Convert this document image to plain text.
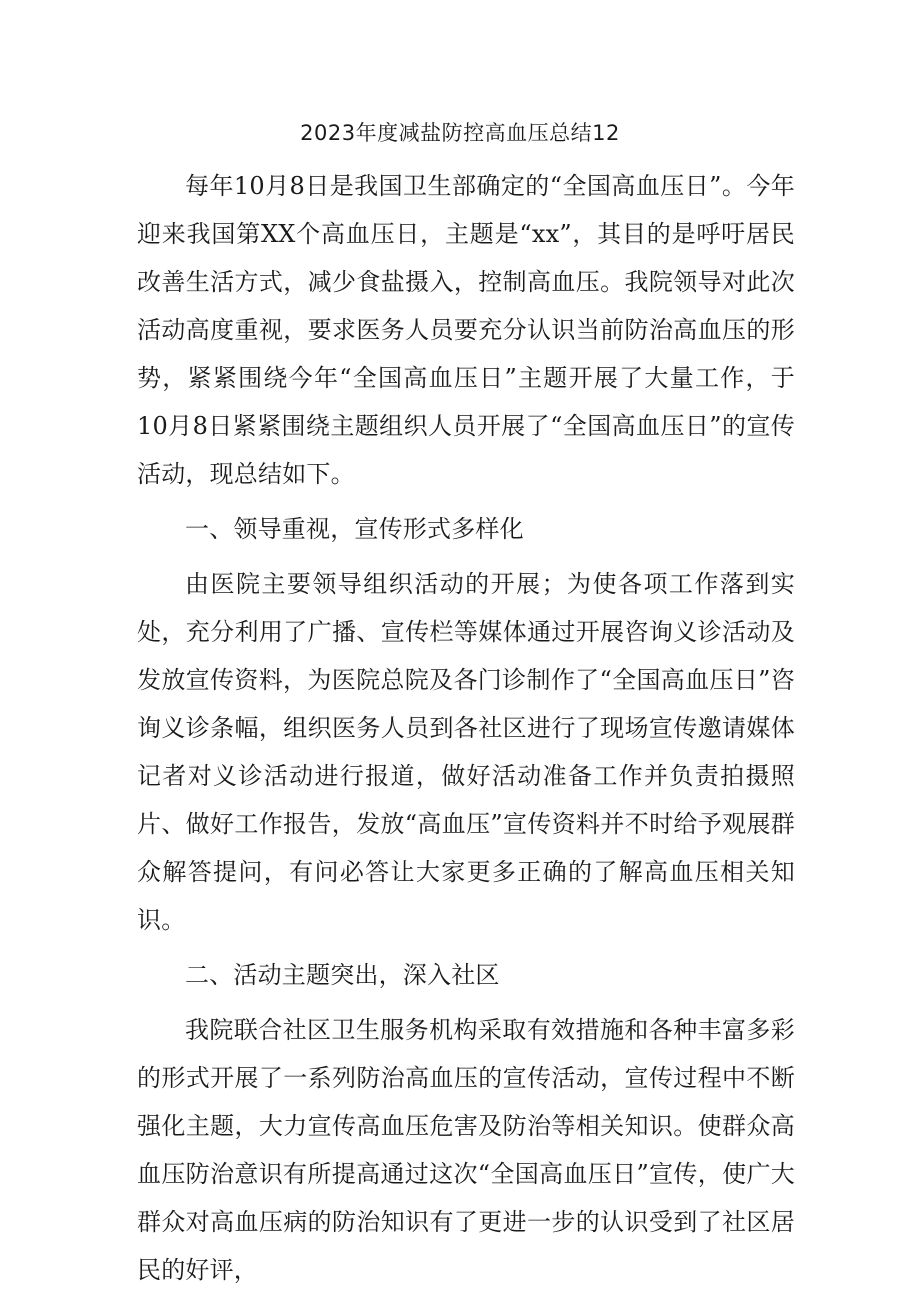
2023年度减盐防控高血压总结12

每年10月8日是我国卫生部确定的“全国高血压日”。今年迎来我国第XX个高血压日，主题是“xx”，其目的是呼吁居民改善生活方式，减少食盐摄入，控制高血压。我院领导对此次活动高度重视，要求医务人员要充分认识当前防治高血压的形势，紧紧围绕今年“全国高血压日”主题开展了大量工作，于10月8日紧紧围绕主题组织人员开展了“全国高血压日”的宣传活动，现总结如下。

一、领导重视，宣传形式多样化

由医院主要领导组织活动的开展；为使各项工作落到实处，充分利用了广播、宣传栏等媒体通过开展咨询义诊活动及发放宣传资料，为医院总院及各门诊制作了“全国高血压日”咨询义诊条幅，组织医务人员到各社区进行了现场宣传邀请媒体记者对义诊活动进行报道，做好活动准备工作并负责拍摄照片、做好工作报告，发放“高血压”宣传资料并不时给予观展群众解答提问，有问必答让大家更多正确的了解高血压相关知识。

二、活动主题突出，深入社区

我院联合社区卫生服务机构采取有效措施和各种丰富多彩的形式开展了一系列防治高血压的宣传活动，宣传过程中不断强化主题，大力宣传高血压危害及防治等相关知识。使群众高血压防治意识有所提高通过这次“全国高血压日”宣传，使广大群众对高血压病的防治知识有了更进一步的认识受到了社区居民的好评，
